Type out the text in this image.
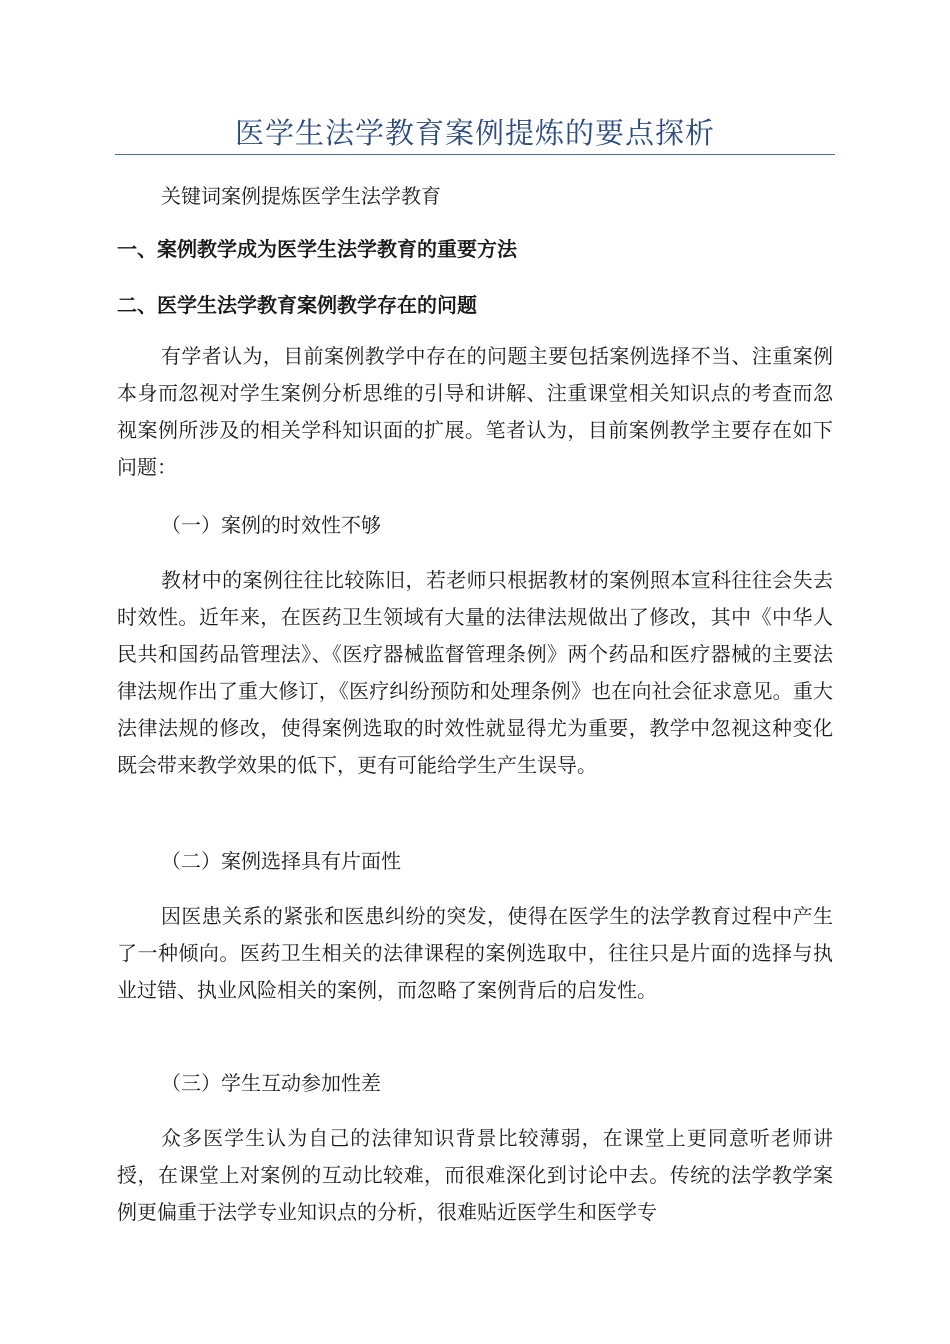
医学生法学教育案例提炼的要点探析

关键词案例提炼医学生法学教育

一、案例教学成为医学生法学教育的重要方法

二、医学生法学教育案例教学存在的问题

有学者认为，目前案例教学中存在的问题主要包括案例选择不当、注重案例本身而忽视对学生案例分析思维的引导和讲解、注重课堂相关知识点的考查而忽视案例所涉及的相关学科知识面的扩展。笔者认为，目前案例教学主要存在如下问题：

（一）案例的时效性不够

教材中的案例往往比较陈旧，若老师只根据教材的案例照本宣科往往会失去时效性。近年来，在医药卫生领域有大量的法律法规做出了修改，其中《中华人民共和国药品管理法》、《医疗器械监督管理条例》两个药品和医疗器械的主要法律法规作出了重大修订，《医疗纠纷预防和处理条例》也在向社会征求意见。重大法律法规的修改，使得案例选取的时效性就显得尤为重要，教学中忽视这种变化既会带来教学效果的低下，更有可能给学生产生误导。

（二）案例选择具有片面性

因医患关系的紧张和医患纠纷的突发，使得在医学生的法学教育过程中产生了一种倾向。医药卫生相关的法律课程的案例选取中，往往只是片面的选择与执业过错、执业风险相关的案例，而忽略了案例背后的启发性。

（三）学生互动参加性差

众多医学生认为自己的法律知识背景比较薄弱，在课堂上更同意听老师讲授，在课堂上对案例的互动比较难，而很难深化到讨论中去。传统的法学教学案例更偏重于法学专业知识点的分析，很难贴近医学生和医学专
